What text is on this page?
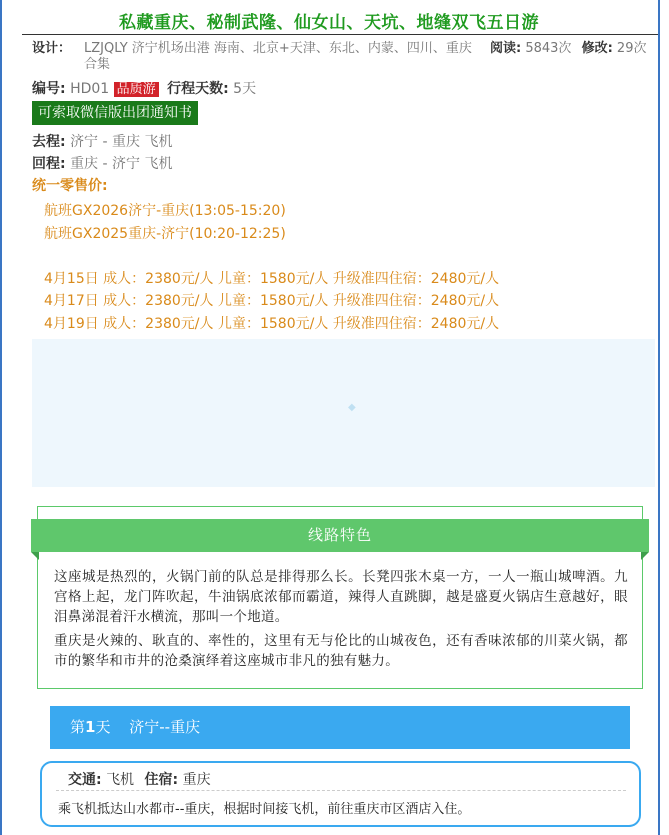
私藏重庆、秘制武隆、仙女山、天坑、地缝双飞五日游
设计： LZJQLY 济宁机场出港 海南、北京+天津、东北、内蒙、四川、重庆合集
阅读: 5843次 修改: 29次
编号: HD01 品质游 行程天数: 5天
可索取微信版出团通知书
去程: 济宁 - 重庆 飞机
回程: 重庆 - 济宁 飞机
统一零售价:
航班GX2026济宁-重庆(13:05-15:20)
航班GX2025重庆-济宁(10:20-12:25)
4月15日 成人：2380元/人 儿童：1580元/人 升级准四住宿：2480元/人
4月17日 成人：2380元/人 儿童：1580元/人 升级准四住宿：2480元/人
4月19日 成人：2380元/人 儿童：1580元/人 升级准四住宿：2480元/人
◆
线路特色
这座城是热烈的，火锅门前的队总是排得那么长。长凳四张木桌一方，一人一瓶山城啤酒。九宫格上起，龙门阵吹起，牛油锅底浓郁而霸道，辣得人直跳脚，越是盛夏火锅店生意越好，眼泪鼻涕混着汗水横流，那叫一个地道。
重庆是火辣的、耿直的、率性的，这里有无与伦比的山城夜色，还有香味浓郁的川菜火锅，都市的繁华和市井的沧桑演绎着这座城市非凡的独有魅力。
第1天 济宁--重庆
交通: 飞机 住宿: 重庆
乘飞机抵达山水都市--重庆，根据时间接飞机，前往重庆市区酒店入住。
